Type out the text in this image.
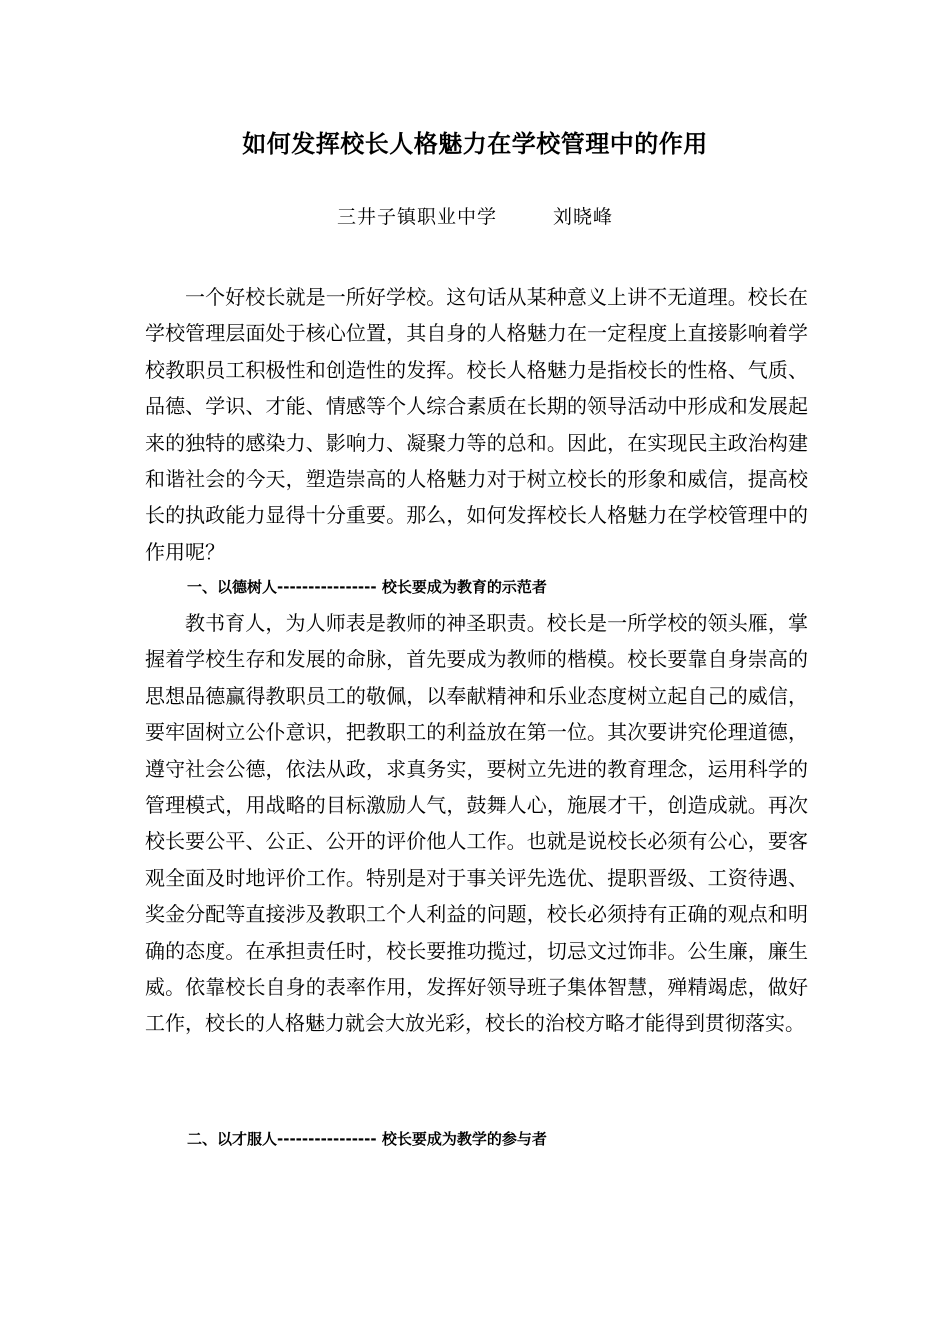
如何发挥校长人格魅力在学校管理中的作用
三井子镇职业中学	刘晓峰

一个好校长就是一所好学校。这句话从某种意义上讲不无道理。校长在学校管理层面处于核心位置，其自身的人格魅力在一定程度上直接影响着学校教职员工积极性和创造性的发挥。校长人格魅力是指校长的性格、气质、品德、学识、才能、情感等个人综合素质在长期的领导活动中形成和发展起来的独特的感染力、影响力、凝聚力等的总和。因此，在实现民主政治构建和谐社会的今天，塑造崇高的人格魅力对于树立校长的形象和威信，提高校长的执政能力显得十分重要。那么，如何发挥校长人格魅力在学校管理中的作用呢？

一、以德树人---------------- 校长要成为教育的示范者

教书育人，为人师表是教师的神圣职责。校长是一所学校的领头雁，掌握着学校生存和发展的命脉，首先要成为教师的楷模。校长要靠自身崇高的思想品德赢得教职员工的敬佩，以奉献精神和乐业态度树立起自己的威信，要牢固树立公仆意识，把教职工的利益放在第一位。其次要讲究伦理道德，遵守社会公德，依法从政，求真务实，要树立先进的教育理念，运用科学的管理模式，用战略的目标激励人气，鼓舞人心，施展才干，创造成就。再次校长要公平、公正、公开的评价他人工作。也就是说校长必须有公心，要客观全面及时地评价工作。特别是对于事关评先选优、提职晋级、工资待遇、奖金分配等直接涉及教职工个人利益的问题，校长必须持有正确的观点和明确的态度。在承担责任时，校长要推功揽过，切忌文过饰非。公生廉，廉生威。依靠校长自身的表率作用，发挥好领导班子集体智慧，殚精竭虑，做好工作，校长的人格魅力就会大放光彩，校长的治校方略才能得到贯彻落实。

二、以才服人---------------- 校长要成为教学的参与者
